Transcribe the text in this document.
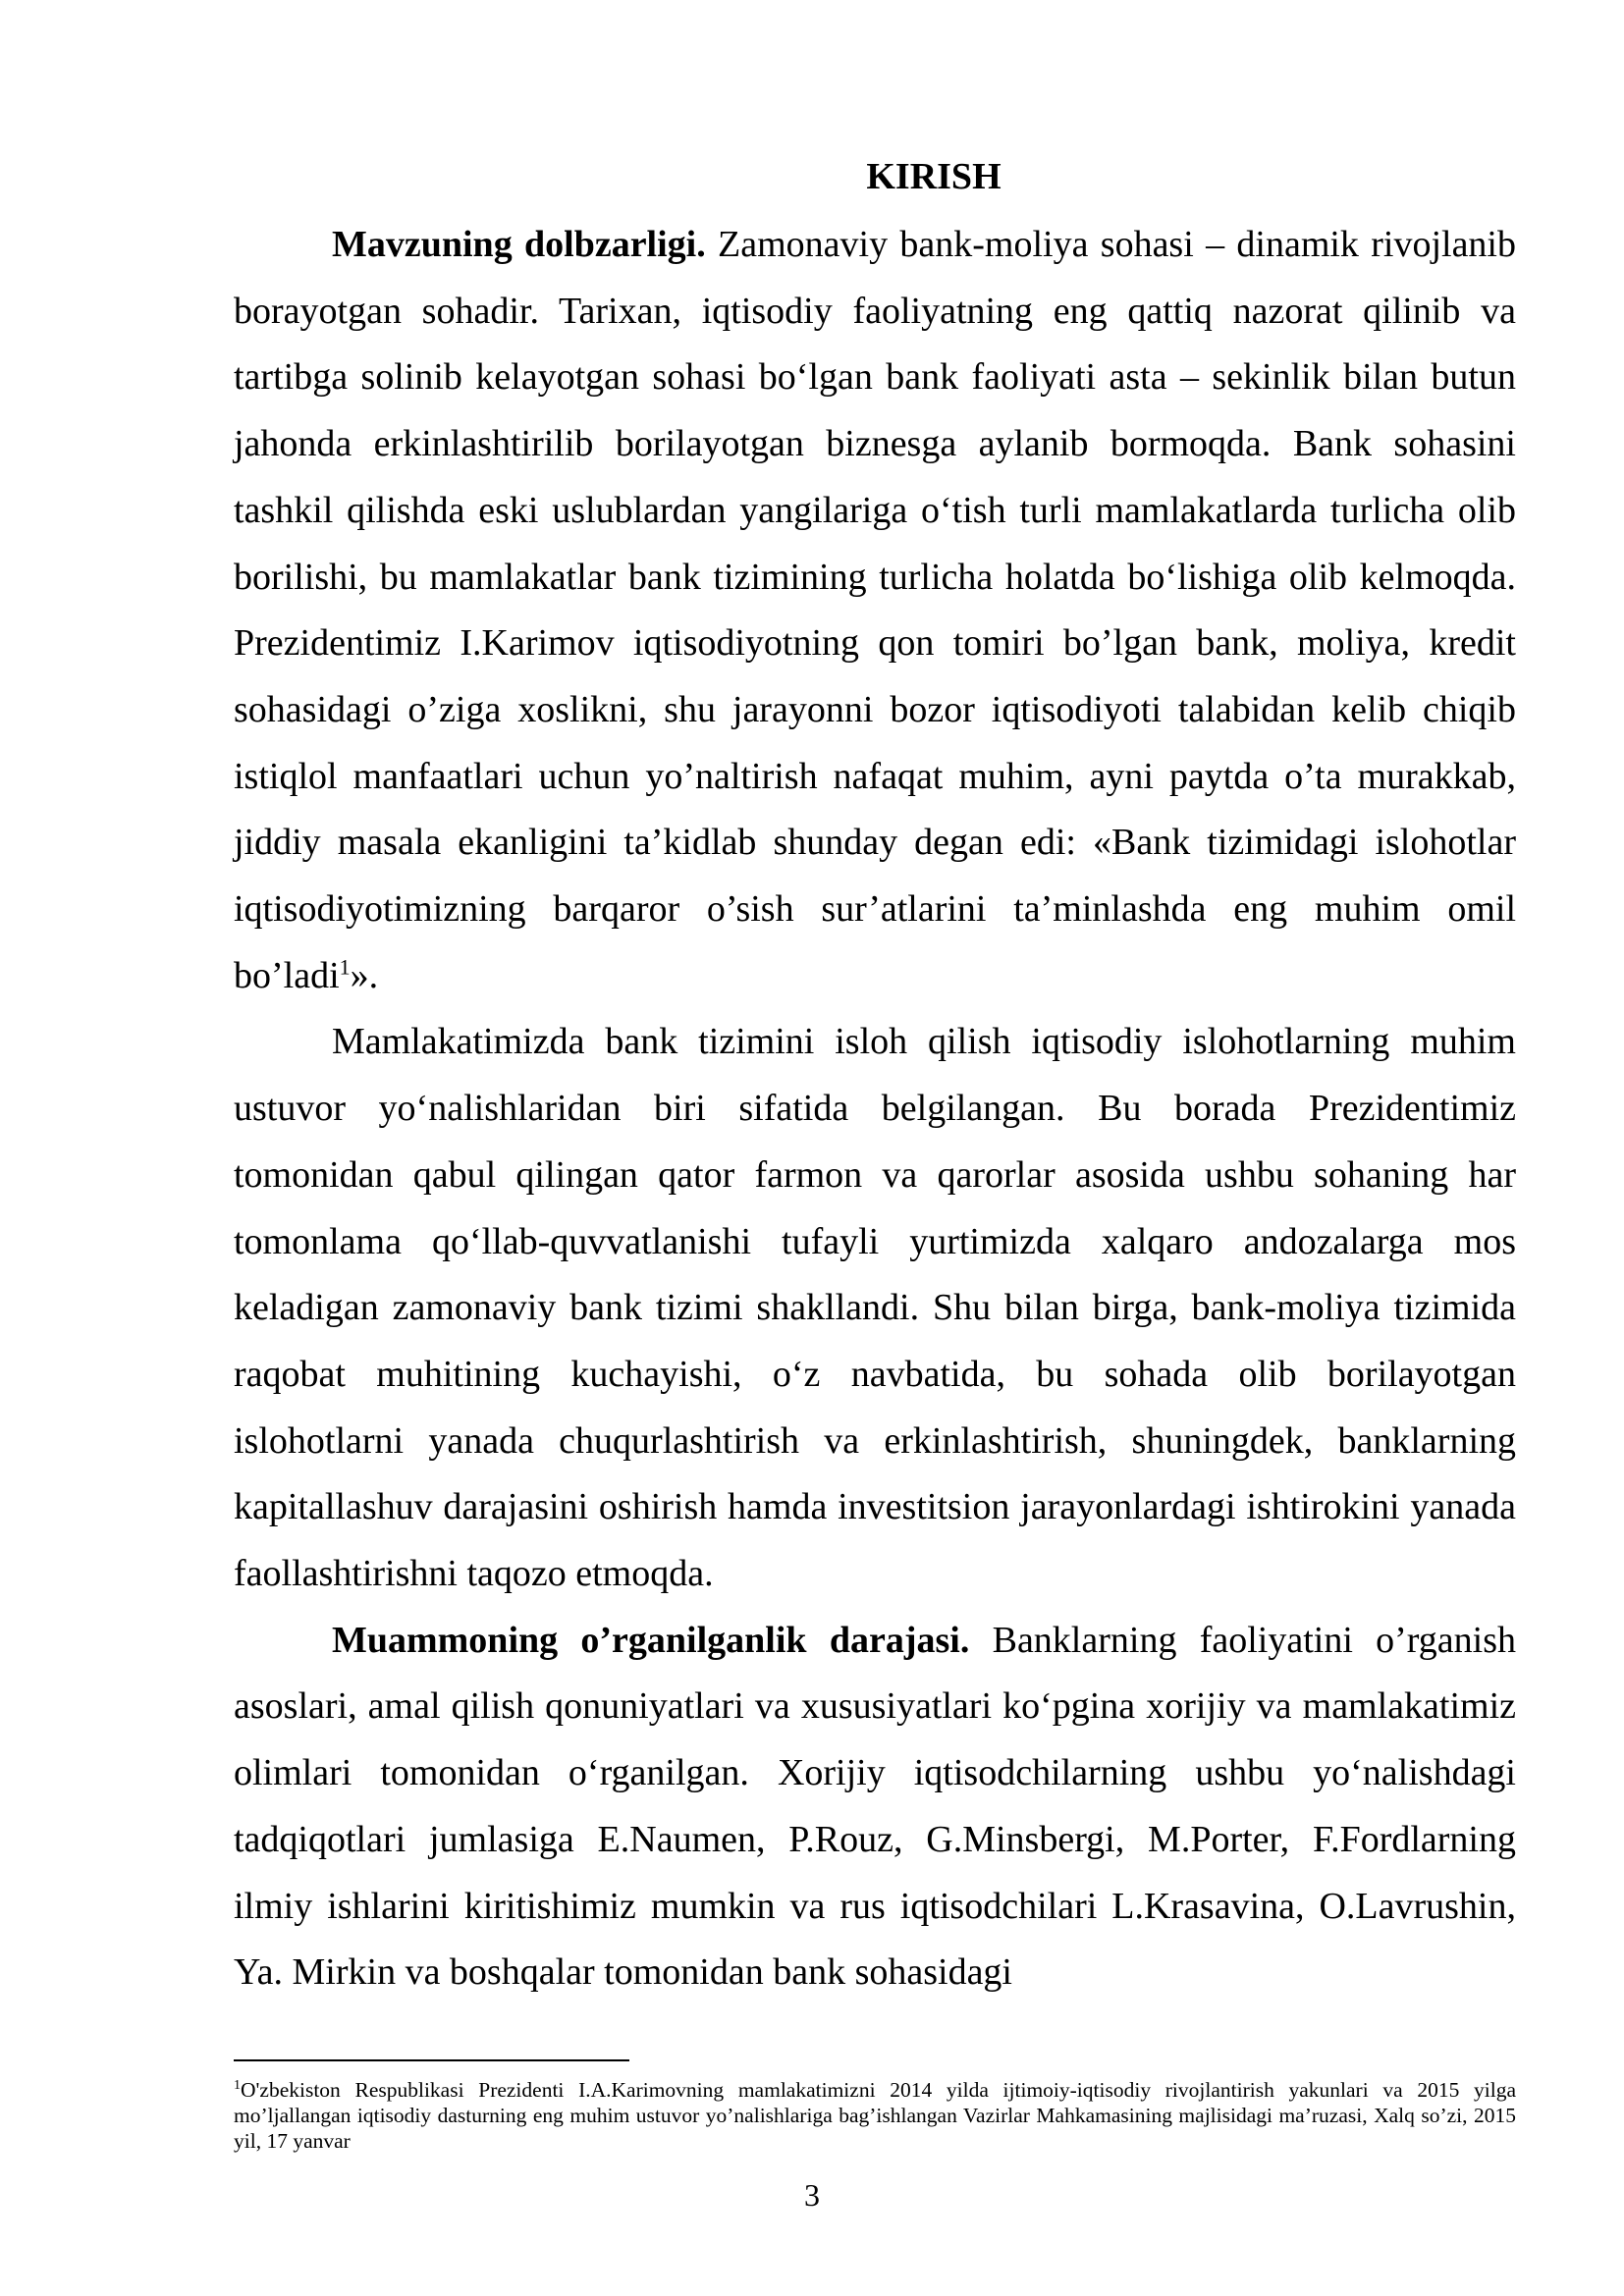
KIRISH

Mavzuning dolbzarligi. Zamonaviy bank-moliya sohasi – dinamik rivojlanib borayotgan sohadir. Tarixan, iqtisodiy faoliyatning eng qattiq nazorat qilinib va tartibga solinib kelayotgan sohasi bo‘lgan bank faoliyati asta – sekinlik bilan butun jahonda erkinlashtirilib borilayotgan biznesga aylanib bormoqda. Bank sohasini tashkil qilishda eski uslublardan yangilariga o‘tish turli mamlakatlarda turlicha olib borilishi, bu mamlakatlar bank tizimining turlicha holatda bo‘lishiga olib kelmoqda. Prezidentimiz I.Karimov iqtisodiyotning qon tomiri bo’lgan bank, moliya, kredit sohasidagi o’ziga xoslikni, shu jarayonni bozor iqtisodiyoti talabidan kelib chiqib istiqlol manfaatlari uchun yo’naltirish nafaqat muhim, ayni paytda o’ta murakkab, jiddiy masala ekanligini ta’kidlab shunday degan edi: «Bank tizimidagi islohotlar iqtisodiyotimizning barqaror o’sish sur’atlarini ta’minlashda eng muhim omil bo’ladi$^1$».

Mamlakatimizda bank tizimini isloh qilish iqtisodiy islohotlarning muhim ustuvor yo‘nalishlaridan biri sifatida belgilangan. Bu borada Prezidentimiz tomonidan qabul qilingan qator farmon va qarorlar asosida ushbu sohaning har tomonlama qo‘llab-quvvatlanishi tufayli yurtimizda xalqaro andozalarga mos keladigan zamonaviy bank tizimi shakllandi. Shu bilan birga, bank-moliya tizimida raqobat muhitining kuchayishi, o‘z navbatida, bu sohada olib borilayotgan islohotlarni yanada chuqurlashtirish va erkinlashtirish, shuningdek, banklarning kapitallashuv darajasini oshirish hamda investitsion jarayonlardagi ishtirokini yanada faollashtirishni taqozo etmoqda.

Muammoning o’rganilganlik darajasi. Banklarning faoliyatini o’rganish asoslari, amal qilish qonuniyatlari va xususiyatlari ko‘pgina xorijiy va mamlakatimiz olimlari tomonidan o‘rganilgan. Xorijiy iqtisodchilarning ushbu yo‘nalishdagi tadqiqotlari jumlasiga E.Naumen, P.Rouz, G.Minsbergi, M.Porter, F.Fordlarning ilmiy ishlarini kiritishimiz mumkin va rus iqtisodchilari L.Krasavina, O.Lavrushin, Ya. Mirkin va boshqalar tomonidan bank sohasidagi

$^1$O'zbekiston Respublikasi Prezidenti I.A.Karimovning mamlakatimizni 2014 yilda ijtimoiy-iqtisodiy rivojlantirish yakunlari va 2015 yilga mo’ljallangan iqtisodiy dasturning eng muhim ustuvor yo’nalishlariga bag’ishlangan Vazirlar Mahkamasining majlisidagi ma’ruzasi, Xalq so’zi, 2015 yil, 17 yanvar

3
